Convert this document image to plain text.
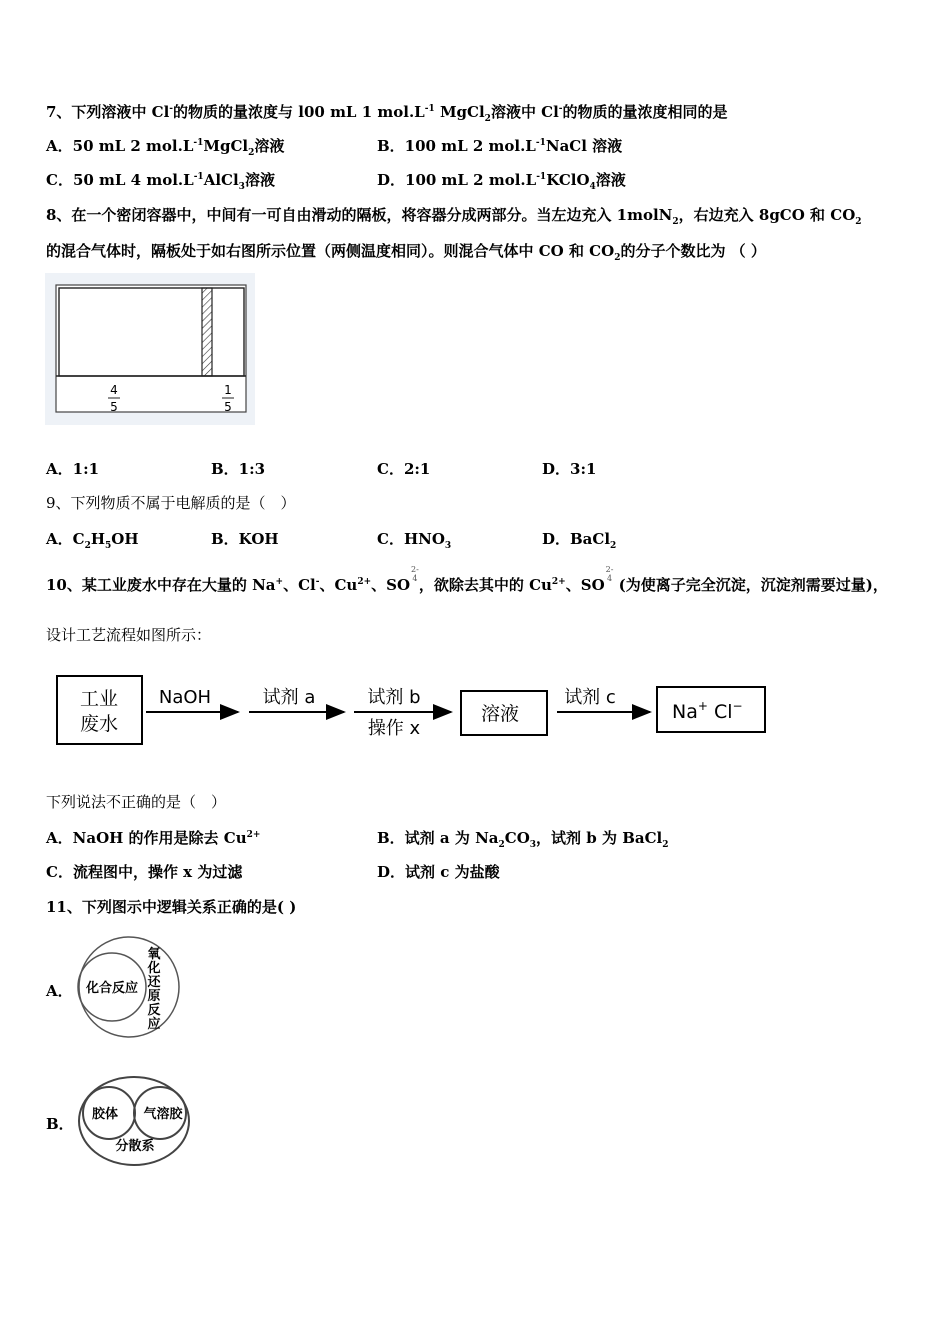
7、下列溶液中 Cl-的物质的量浓度与 l00 mL 1 $mol.L^{-1}$ MgCl$_2$溶液中 Cl-的物质的量浓度相同的是
A．50 mL 2 $mol.L^{-1}MgCl_2$溶液	B．100 mL 2 $mol.L^{-1}NaCl$ 溶液
C．50 mL 4 $mol.L^{-1}AlCl_3$溶液	D．100 mL 2 $mol.L^{-1}KClO_4$溶液
8、在一个密闭容器中，中间有一可自由滑动的隔板，将容器分成两部分。当左边充入 1molN$_2$，右边充入 8gCO 和 $CO_2$
的混合气体时，隔板处于如右图所示位置（两侧温度相同）。则混合气体中 CO 和 $CO_2$的分子个数比为 （ ）
4
5
1
5
A．1:1	B．1:3	C．2:1	D．3:1
9、下列物质不属于电解质的是（　）
A．$C_2H_5OH$	B．KOH	C．$HNO_3$	D．BaCl$_2$
10、某工业废水中存在大量的 Na+、Cl-、$Cu^{2+}$、SO2-
4，欲除去其中的 $Cu^{2+}$、SO2-
4 (为使离子完全沉淀，沉淀剂需要过量)，
设计工艺流程如图所示：
工业
废水
NaOH	试剂 a	试剂 b
操作 x
溶液
试剂 c
Na+ Cl−
下列说法不正确的是（　）
A．NaOH 的作用是除去 $Cu^{2+}$	B．试剂 a 为 $Na_2CO_3$，试剂 b 为 BaCl$_2$
C．流程图中，操作 x 为过滤	D．试剂 c 为盐酸
11、下列图示中逻辑关系正确的是( )
A． 化合反应
氧
化
还
原
反
应
B．
胶体 气溶胶
分散系
